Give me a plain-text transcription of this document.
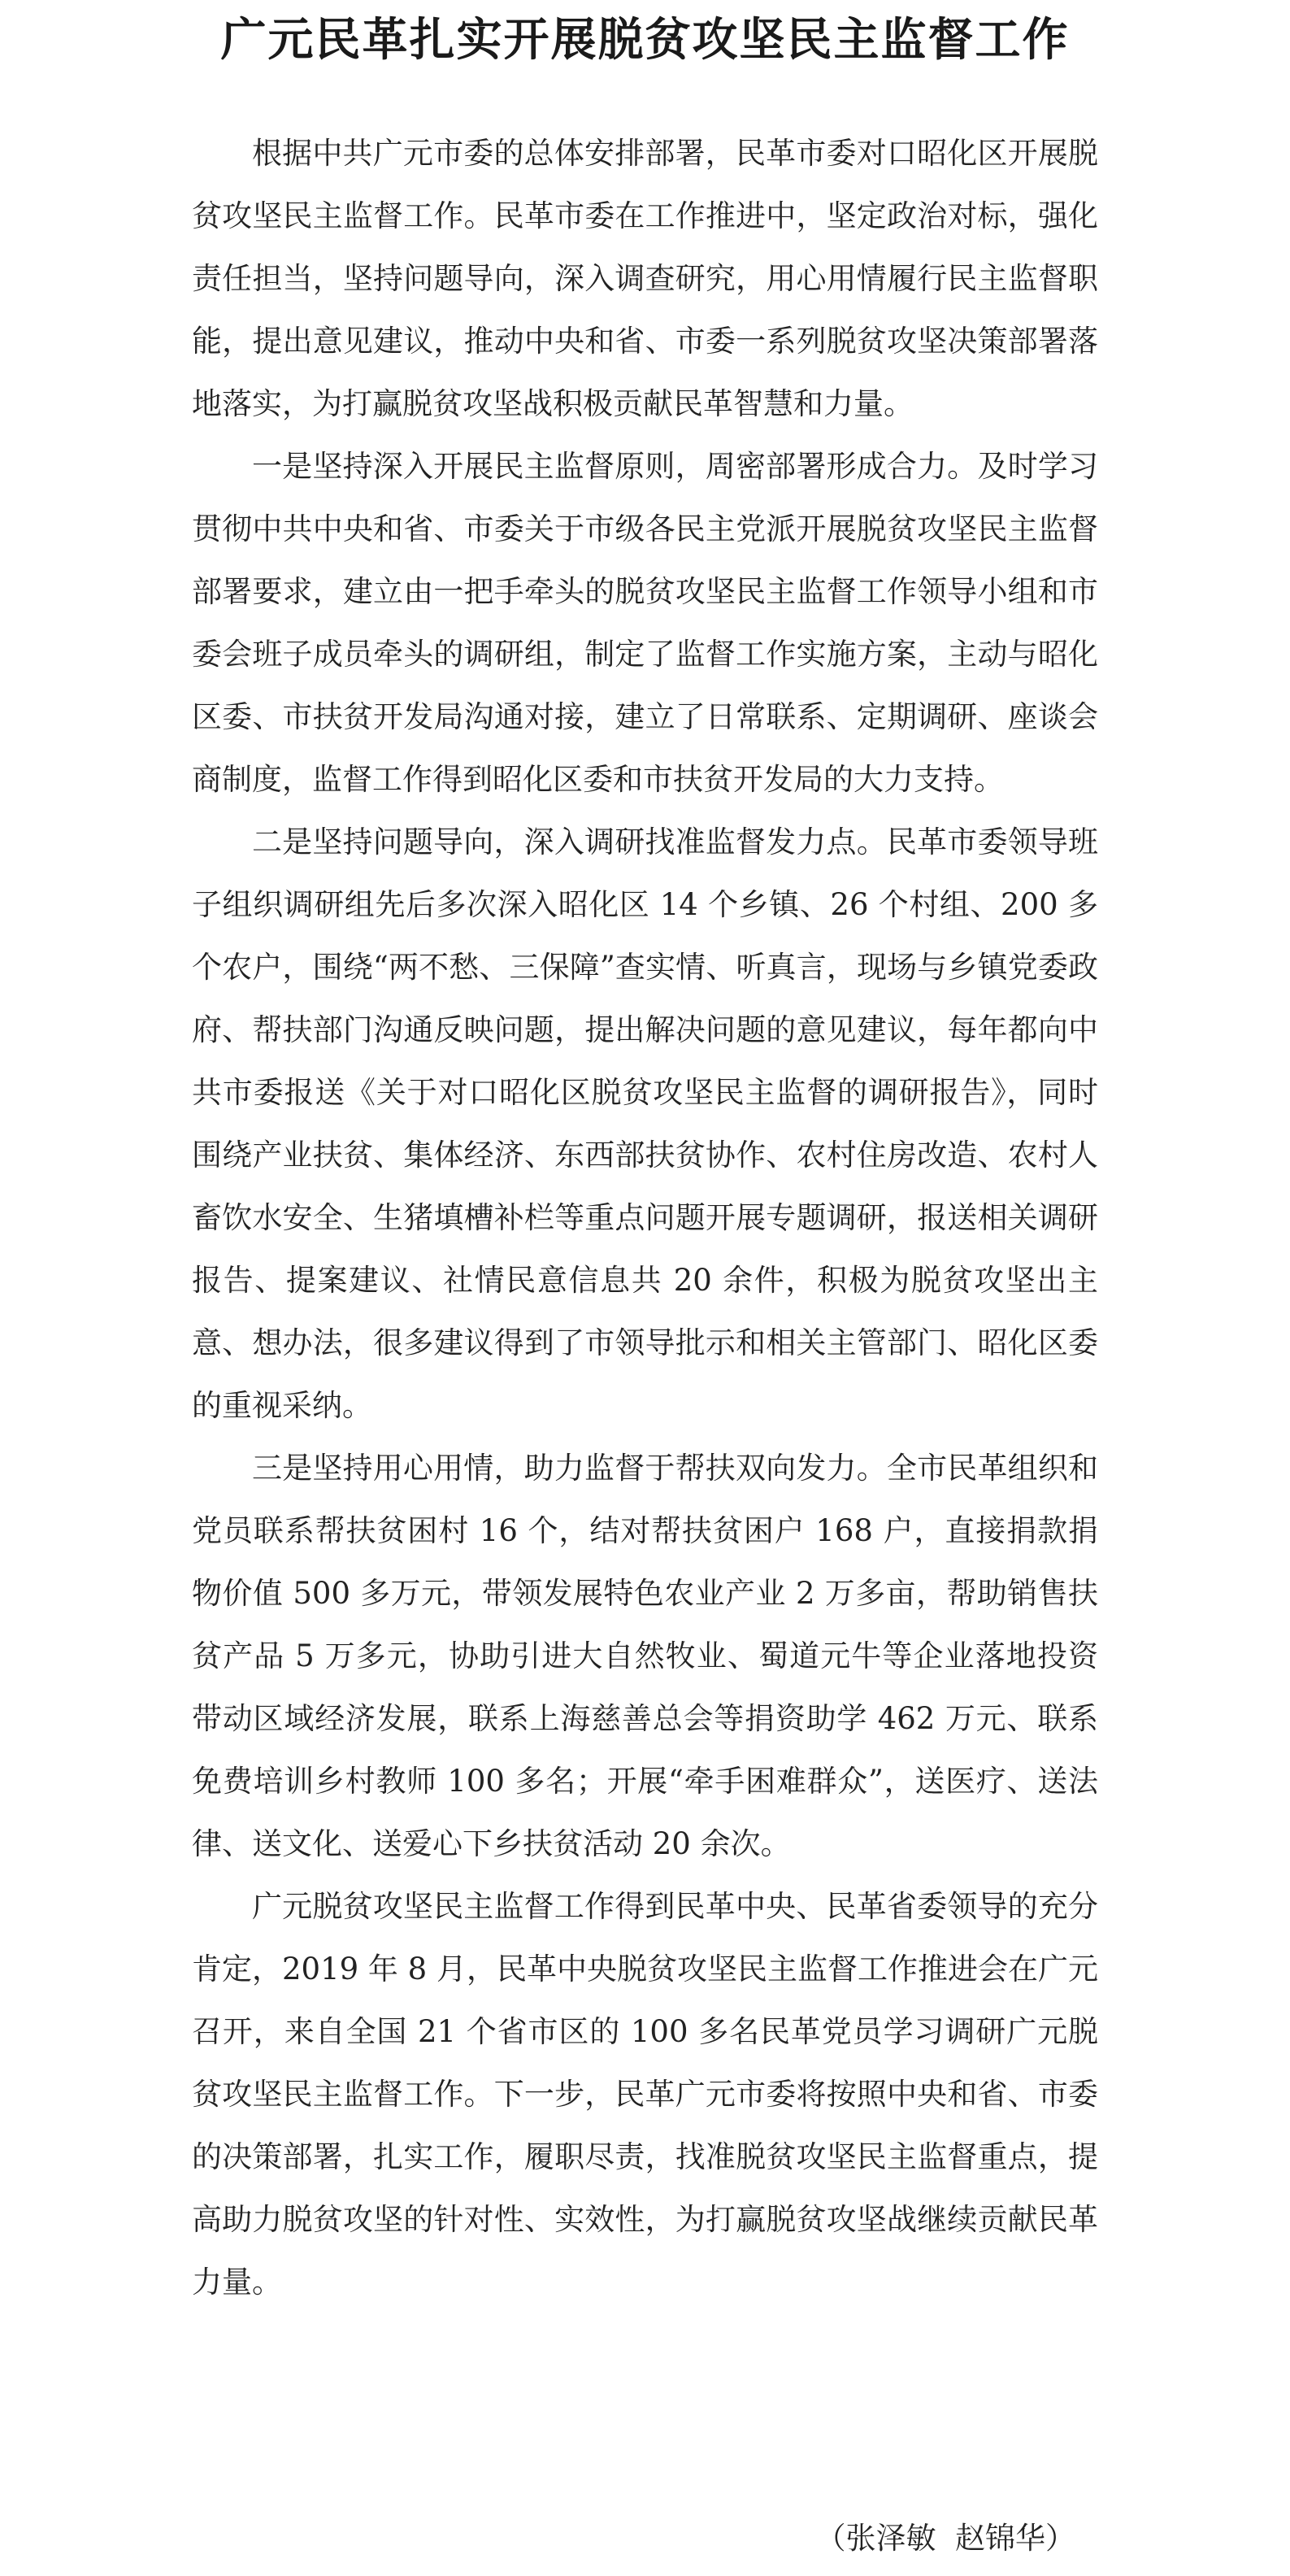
广元民革扎实开展脱贫攻坚民主监督工作

根据中共广元市委的总体安排部署，民革市委对口昭化区开展脱贫攻坚民主监督工作。民革市委在工作推进中，坚定政治对标，强化责任担当，坚持问题导向，深入调查研究，用心用情履行民主监督职能，提出意见建议，推动中央和省、市委一系列脱贫攻坚决策部署落地落实，为打赢脱贫攻坚战积极贡献民革智慧和力量。

一是坚持深入开展民主监督原则，周密部署形成合力。及时学习贯彻中共中央和省、市委关于市级各民主党派开展脱贫攻坚民主监督部署要求，建立由一把手牵头的脱贫攻坚民主监督工作领导小组和市委会班子成员牵头的调研组，制定了监督工作实施方案，主动与昭化区委、市扶贫开发局沟通对接，建立了日常联系、定期调研、座谈会商制度，监督工作得到昭化区委和市扶贫开发局的大力支持。

二是坚持问题导向，深入调研找准监督发力点。民革市委领导班子组织调研组先后多次深入昭化区 14 个乡镇、26 个村组、200 多个农户，围绕“两不愁、三保障”查实情、听真言，现场与乡镇党委政府、帮扶部门沟通反映问题，提出解决问题的意见建议，每年都向中共市委报送《关于对口昭化区脱贫攻坚民主监督的调研报告》，同时围绕产业扶贫、集体经济、东西部扶贫协作、农村住房改造、农村人畜饮水安全、生猪填槽补栏等重点问题开展专题调研，报送相关调研报告、提案建议、社情民意信息共 20 余件，积极为脱贫攻坚出主意、想办法，很多建议得到了市领导批示和相关主管部门、昭化区委的重视采纳。

三是坚持用心用情，助力监督于帮扶双向发力。全市民革组织和党员联系帮扶贫困村 16 个，结对帮扶贫困户 168 户，直接捐款捐物价值 500 多万元，带领发展特色农业产业 2 万多亩，帮助销售扶贫产品 5 万多元，协助引进大自然牧业、蜀道元牛等企业落地投资带动区域经济发展，联系上海慈善总会等捐资助学 462 万元、联系免费培训乡村教师 100 多名；开展“牵手困难群众”，送医疗、送法律、送文化、送爱心下乡扶贫活动 20 余次。

广元脱贫攻坚民主监督工作得到民革中央、民革省委领导的充分肯定，2019 年 8 月，民革中央脱贫攻坚民主监督工作推进会在广元召开，来自全国 21 个省市区的 100 多名民革党员学习调研广元脱贫攻坚民主监督工作。下一步，民革广元市委将按照中央和省、市委的决策部署，扎实工作，履职尽责，找准脱贫攻坚民主监督重点，提高助力脱贫攻坚的针对性、实效性，为打赢脱贫攻坚战继续贡献民革力量。

（张泽敏  赵锦华）
